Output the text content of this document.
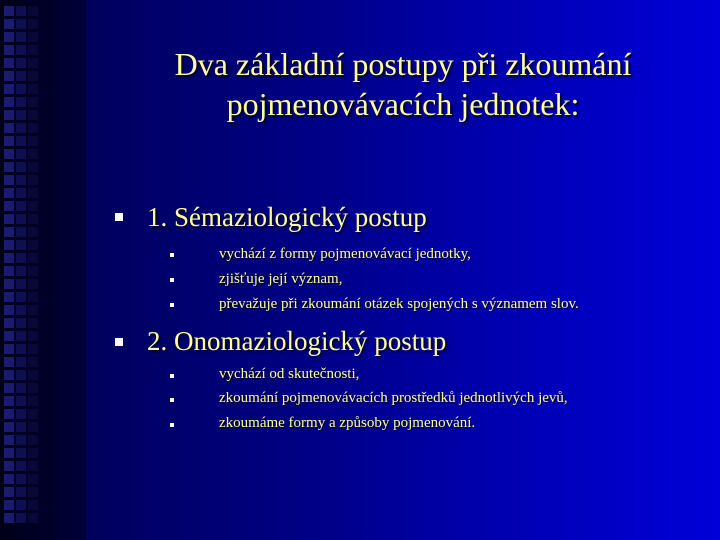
Dva základní postupy při zkoumání
pojmenovávacích jednotek:
1. Sémaziologický postup
vychází z formy pojmenovávací jednotky,
zjišťuje její význam,
převažuje při zkoumání otázek spojených s významem slov.
2. Onomaziologický postup
vychází od skutečnosti,
zkoumání pojmenovávacích prostředků jednotlivých jevů,
zkoumáme formy a způsoby pojmenování.
